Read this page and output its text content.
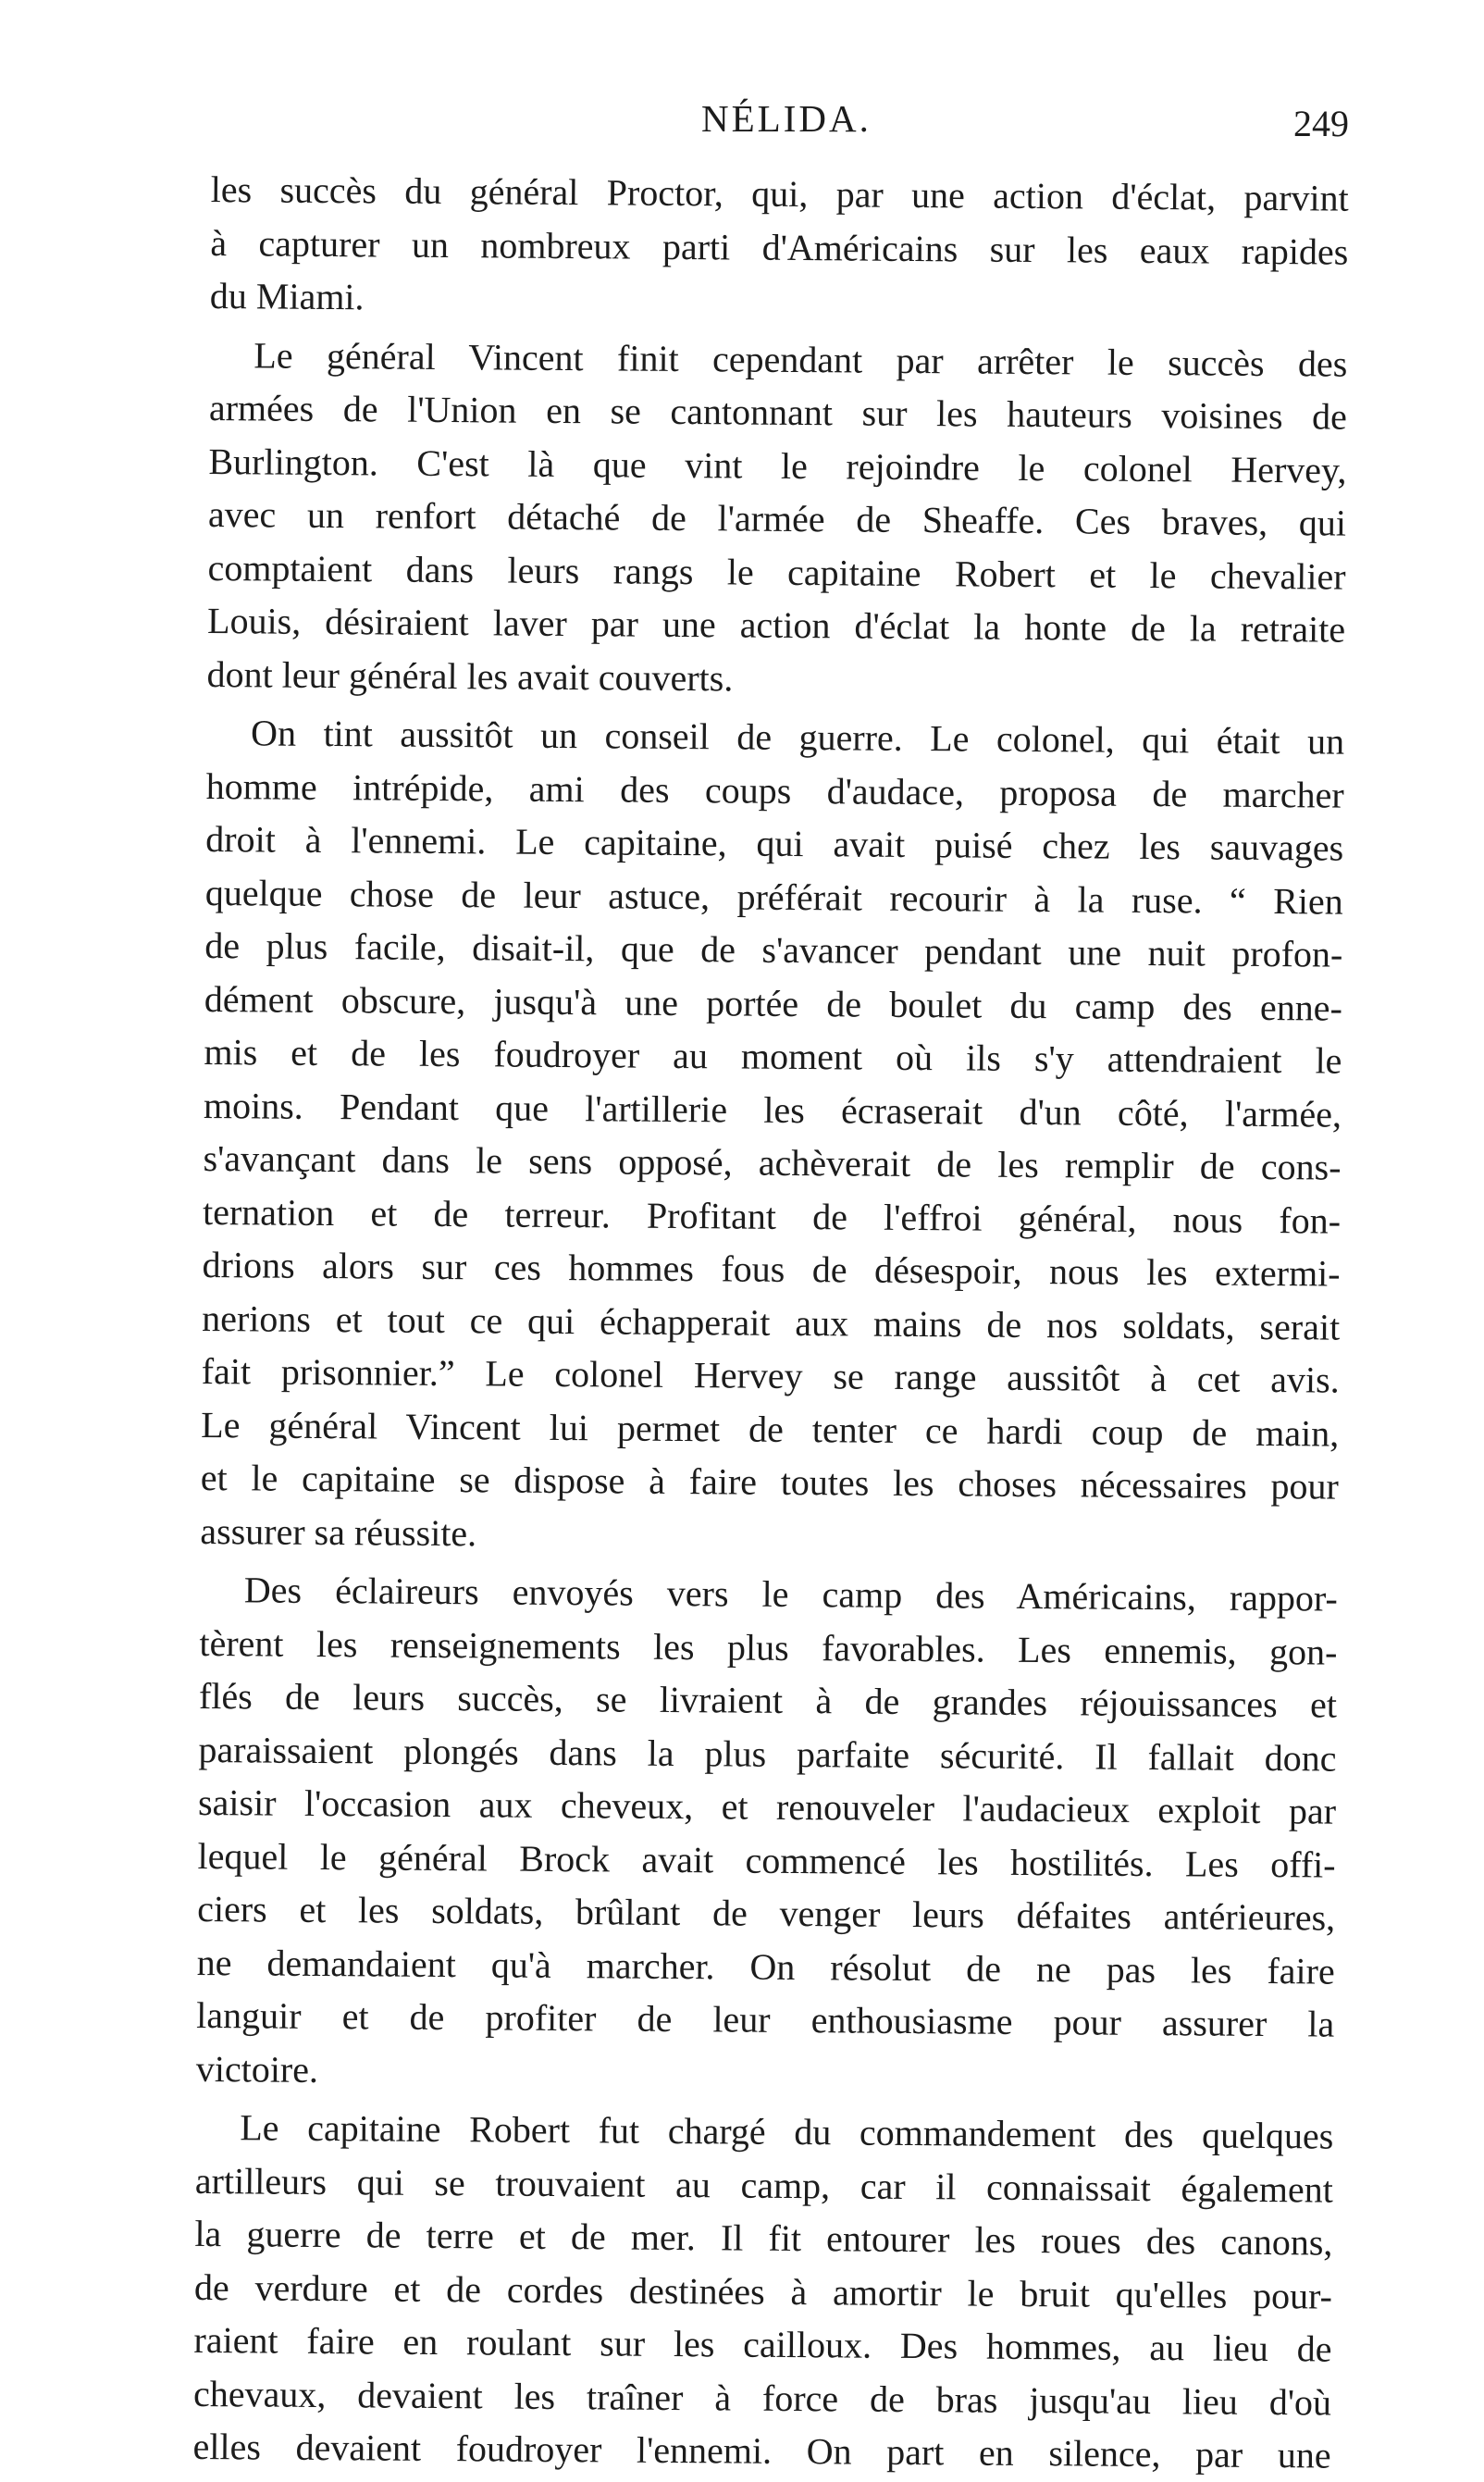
NÉLIDA.	249
les succès du général Proctor, qui, par une action d'éclat, parvint
à capturer un nombreux parti d'Américains sur les eaux rapides
du Miami.
Le général Vincent finit cependant par arrêter le succès des
armées de l'Union en se cantonnant sur les hauteurs voisines de
Burlington. C'est là que vint le rejoindre le colonel Hervey,
avec un renfort détaché de l'armée de Sheaffe. Ces braves, qui
comptaient dans leurs rangs le capitaine Robert et le chevalier
Louis, désiraient laver par une action d'éclat la honte de la retraite
dont leur général les avait couverts.
On tint aussitôt un conseil de guerre. Le colonel, qui était un
homme intrépide, ami des coups d'audace, proposa de marcher
droit à l'ennemi. Le capitaine, qui avait puisé chez les sauvages
quelque chose de leur astuce, préférait recourir à la ruse. “ Rien
de plus facile, disait-il, que de s'avancer pendant une nuit profon-
dément obscure, jusqu'à une portée de boulet du camp des enne-
mis et de les foudroyer au moment où ils s'y attendraient le
moins. Pendant que l'artillerie les écraserait d'un côté, l'armée,
s'avançant dans le sens opposé, achèverait de les remplir de cons-
ternation et de terreur. Profitant de l'effroi général, nous fon-
drions alors sur ces hommes fous de désespoir, nous les extermi-
nerions et tout ce qui échapperait aux mains de nos soldats, serait
fait prisonnier.” Le colonel Hervey se range aussitôt à cet avis.
Le général Vincent lui permet de tenter ce hardi coup de main,
et le capitaine se dispose à faire toutes les choses nécessaires pour
assurer sa réussite.
Des éclaireurs envoyés vers le camp des Américains, rappor-
tèrent les renseignements les plus favorables. Les ennemis, gon-
flés de leurs succès, se livraient à de grandes réjouissances et
paraissaient plongés dans la plus parfaite sécurité. Il fallait donc
saisir l'occasion aux cheveux, et renouveler l'audacieux exploit par
lequel le général Brock avait commencé les hostilités. Les offi-
ciers et les soldats, brûlant de venger leurs défaites antérieures,
ne demandaient qu'à marcher. On résolut de ne pas les faire
languir et de profiter de leur enthousiasme pour assurer la
victoire.
Le capitaine Robert fut chargé du commandement des quelques
artilleurs qui se trouvaient au camp, car il connaissait également
la guerre de terre et de mer. Il fit entourer les roues des canons,
de verdure et de cordes destinées à amortir le bruit qu'elles pour-
raient faire en roulant sur les cailloux. Des hommes, au lieu de
chevaux, devaient les traîner à force de bras jusqu'au lieu d'où
elles devaient foudroyer l'ennemi. On part en silence, par une
